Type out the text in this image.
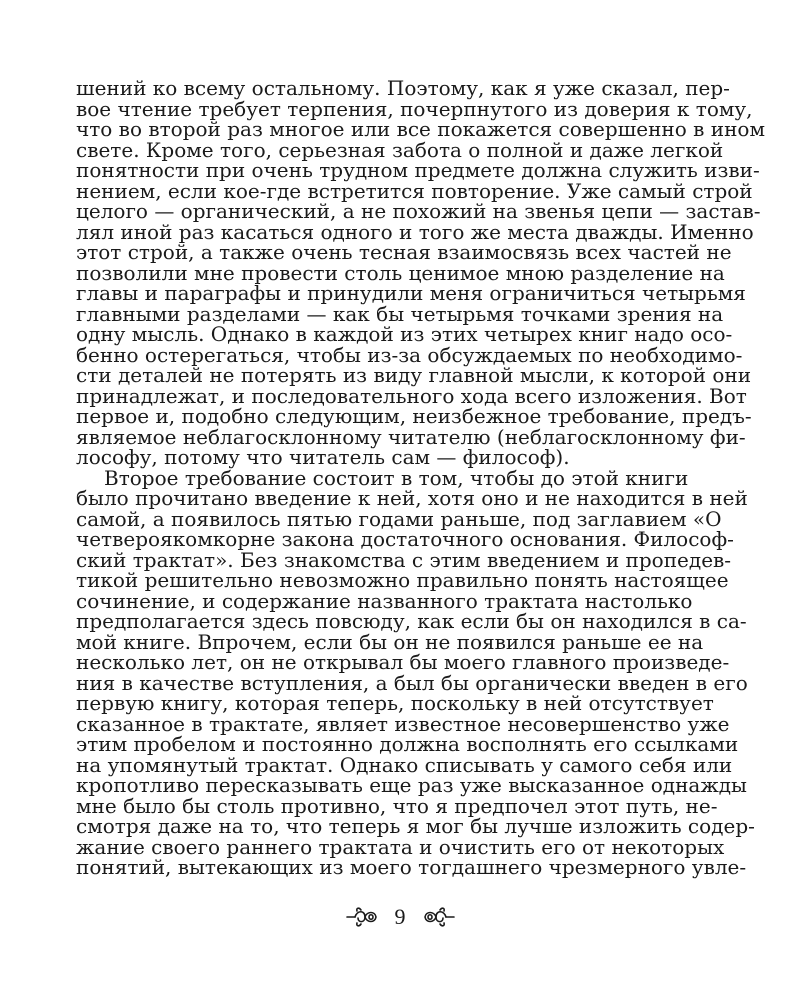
шений ко всему остальному. Поэтому, как я уже сказал, пер-
вое чтение требует терпения, почерпнутого из доверия к тому,
что во второй раз многое или все покажется совершенно в ином
свете. Кроме того, серьезная забота о полной и даже легкой
понятности при очень трудном предмете должна служить изви-
нением, если кое-где встретится повторение. Уже самый строй
целого — органический, а не похожий на звенья цепи — застав-
лял иной раз касаться одного и того же места дважды. Именно
этот строй, а также очень тесная взаимосвязь всех частей не
позволили мне провести столь ценимое мною разделение на
главы и параграфы и принудили меня ограничиться четырьмя
главными разделами — как бы четырьмя точками зрения на
одну мысль. Однако в каждой из этих четырех книг надо осо-
бенно остерегаться, чтобы из-за обсуждаемых по необходимо-
сти деталей не потерять из виду главной мысли, к которой они
принадлежат, и последовательного хода всего изложения. Вот
первое и, подобно следующим, неизбежное требование, предъ-
являемое неблагосклонному читателю (неблагосклонному фи-
лософу, потому что читатель сам — философ).
Второе требование состоит в том, чтобы до этой книги
было прочитано введение к ней, хотя оно и не находится в ней
самой, а появилось пятью годами раньше, под заглавием «О
четвероякомкорне закона достаточного основания. Философ-
ский трактат». Без знакомства с этим введением и пропедев-
тикой решительно невозможно правильно понять настоящее
сочинение, и содержание названного трактата настолько
предполагается здесь повсюду, как если бы он находился в са-
мой книге. Впрочем, если бы он не появился раньше ее на
несколько лет, он не открывал бы моего главного произведе-
ния в качестве вступления, а был бы органически введен в его
первую книгу, которая теперь, поскольку в ней отсутствует
сказанное в трактате, являет известное несовершенство уже
этим пробелом и постоянно должна восполнять его ссылками
на упомянутый трактат. Однако списывать у самого себя или
кропотливо пересказывать еще раз уже высказанное однажды
мне было бы столь противно, что я предпочел этот путь, не-
смотря даже на то, что теперь я мог бы лучше изложить содер-
жание своего раннего трактата и очистить его от некоторых
понятий, вытекающих из моего тогдашнего чрезмерного увле-
9
